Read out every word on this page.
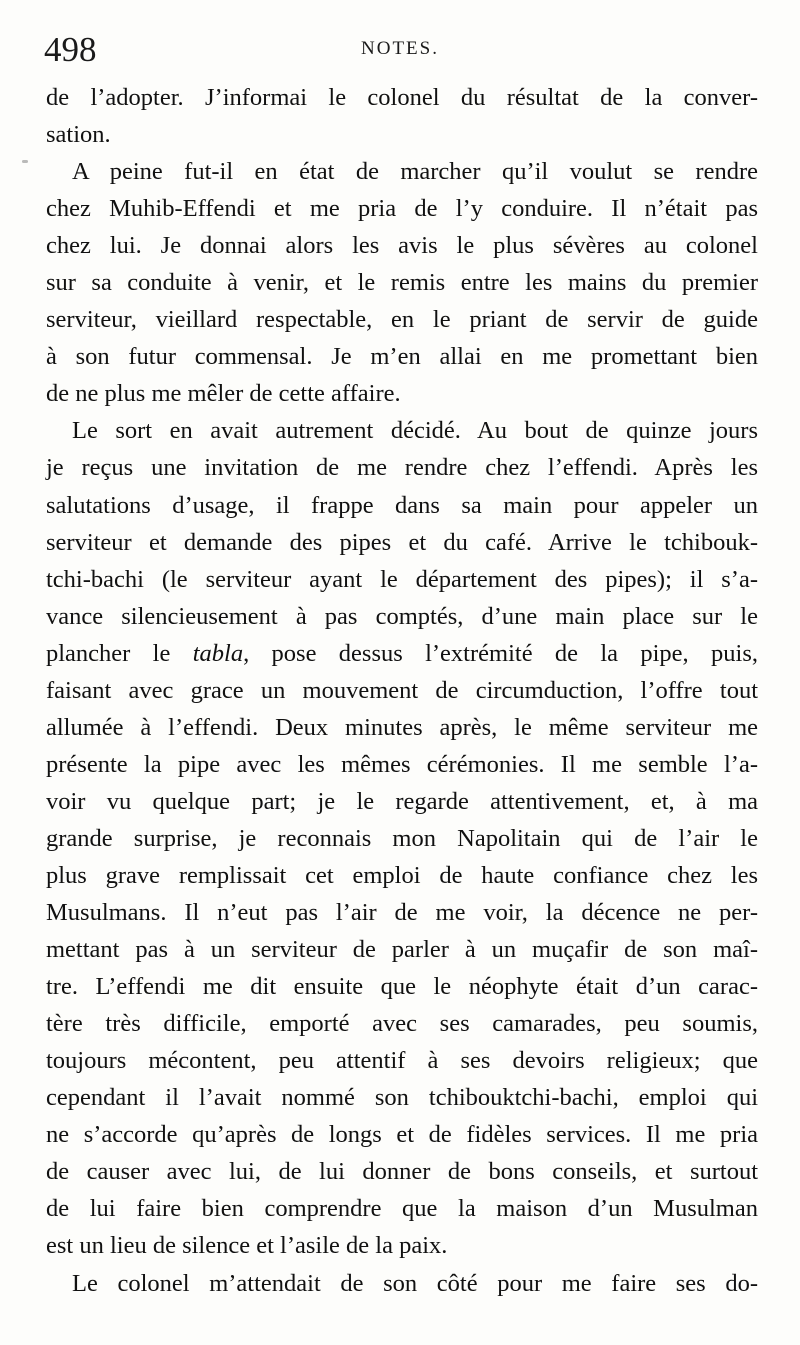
498	NOTES.
de l’adopter. J’informai le colonel du résultat de la conver-
sation.
A peine fut-il en état de marcher qu’il voulut se rendre
chez Muhib-Effendi et me pria de l’y conduire. Il n’était pas
chez lui. Je donnai alors les avis le plus sévères au colonel
sur sa conduite à venir, et le remis entre les mains du premier
serviteur, vieillard respectable, en le priant de servir de guide
à son futur commensal. Je m’en allai en me promettant bien
de ne plus me mêler de cette affaire.
Le sort en avait autrement décidé. Au bout de quinze jours
je reçus une invitation de me rendre chez l’effendi. Après les
salutations d’usage, il frappe dans sa main pour appeler un
serviteur et demande des pipes et du café. Arrive le tchibouk-
tchi-bachi (le serviteur ayant le département des pipes); il s’a-
vance silencieusement à pas comptés, d’une main place sur le
plancher le tabla, pose dessus l’extrémité de la pipe, puis,
faisant avec grace un mouvement de circumduction, l’offre tout
allumée à l’effendi. Deux minutes après, le même serviteur me
présente la pipe avec les mêmes cérémonies. Il me semble l’a-
voir vu quelque part; je le regarde attentivement, et, à ma
grande surprise, je reconnais mon Napolitain qui de l’air le
plus grave remplissait cet emploi de haute confiance chez les
Musulmans. Il n’eut pas l’air de me voir, la décence ne per-
mettant pas à un serviteur de parler à un muçafir de son maî-
tre. L’effendi me dit ensuite que le néophyte était d’un carac-
tère très difficile, emporté avec ses camarades, peu soumis,
toujours mécontent, peu attentif à ses devoirs religieux; que
cependant il l’avait nommé son tchibouktchi-bachi, emploi qui
ne s’accorde qu’après de longs et de fidèles services. Il me pria
de causer avec lui, de lui donner de bons conseils, et surtout
de lui faire bien comprendre que la maison d’un Musulman
est un lieu de silence et l’asile de la paix.
Le colonel m’attendait de son côté pour me faire ses do-
